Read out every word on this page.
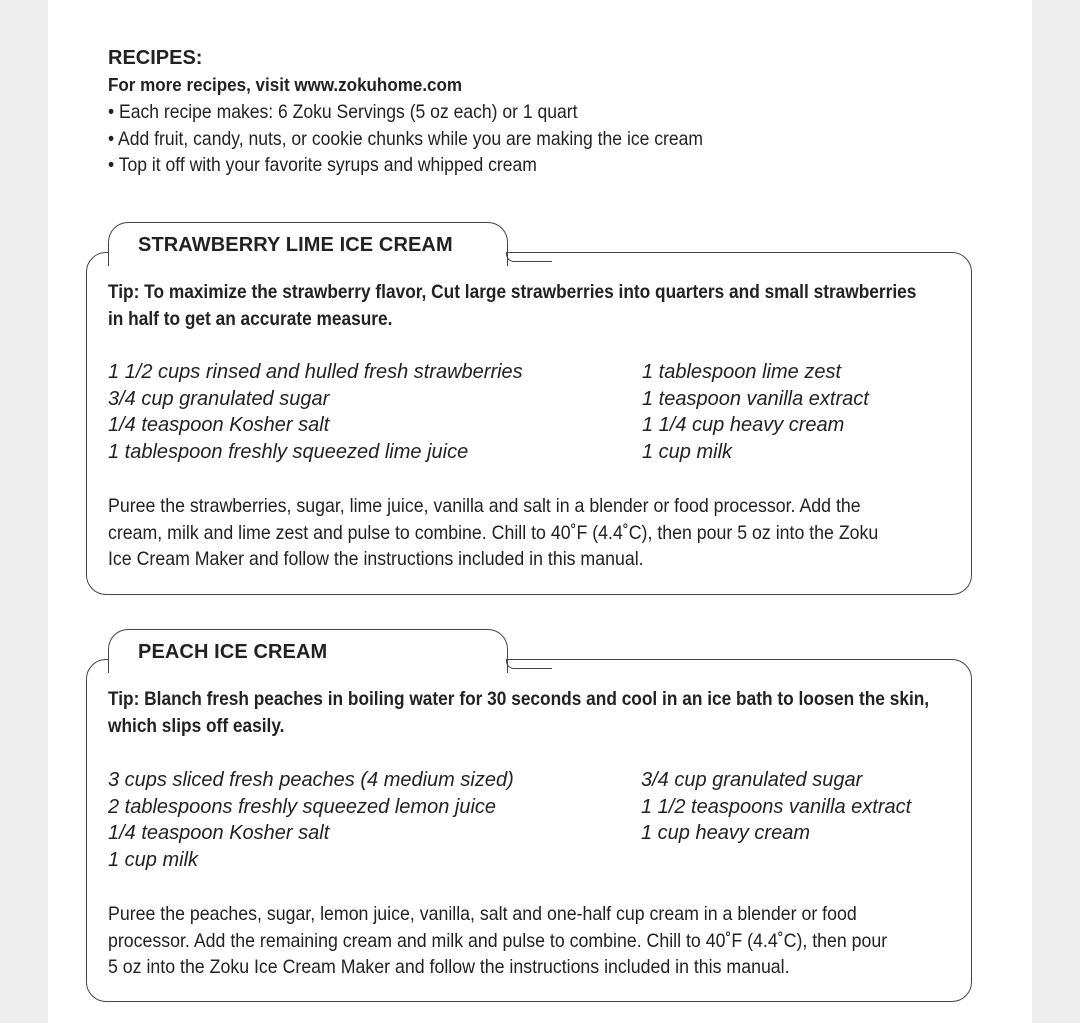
RECIPES:

For more recipes, visit www.zokuhome.com

• Each recipe makes: 6 Zoku Servings (5 oz each) or 1 quart
• Add fruit, candy, nuts, or cookie chunks while you are making the ice cream
• Top it off with your favorite syrups and whipped cream
STRAWBERRY LIME ICE CREAM
Tip: To maximize the strawberry flavor, Cut large strawberries into quarters and small strawberries
in half to get an accurate measure.
1 1/2 cups rinsed and hulled fresh strawberries
3/4 cup granulated sugar
1/4 teaspoon Kosher salt
1 tablespoon freshly squeezed lime juice
1 tablespoon lime zest
1 teaspoon vanilla extract
1 1/4 cup heavy cream
1 cup milk
Puree the strawberries, sugar, lime juice, vanilla and salt in a blender or food processor. Add the
cream, milk and lime zest and pulse to combine. Chill to 40˚F (4.4˚C), then pour 5 oz into the Zoku
Ice Cream Maker and follow the instructions included in this manual.
PEACH ICE CREAM
Tip: Blanch fresh peaches in boiling water for 30 seconds and cool in an ice bath to loosen the skin,
which slips off easily.
3 cups sliced fresh peaches (4 medium sized)
2 tablespoons freshly squeezed lemon juice
1/4 teaspoon Kosher salt
1 cup milk
3/4 cup granulated sugar
1 1/2 teaspoons vanilla extract
1 cup heavy cream
Puree the peaches, sugar, lemon juice, vanilla, salt and one-half cup cream in a blender or food
processor. Add the remaining cream and milk and pulse to combine. Chill to 40˚F (4.4˚C), then pour
5 oz into the Zoku Ice Cream Maker and follow the instructions included in this manual.
